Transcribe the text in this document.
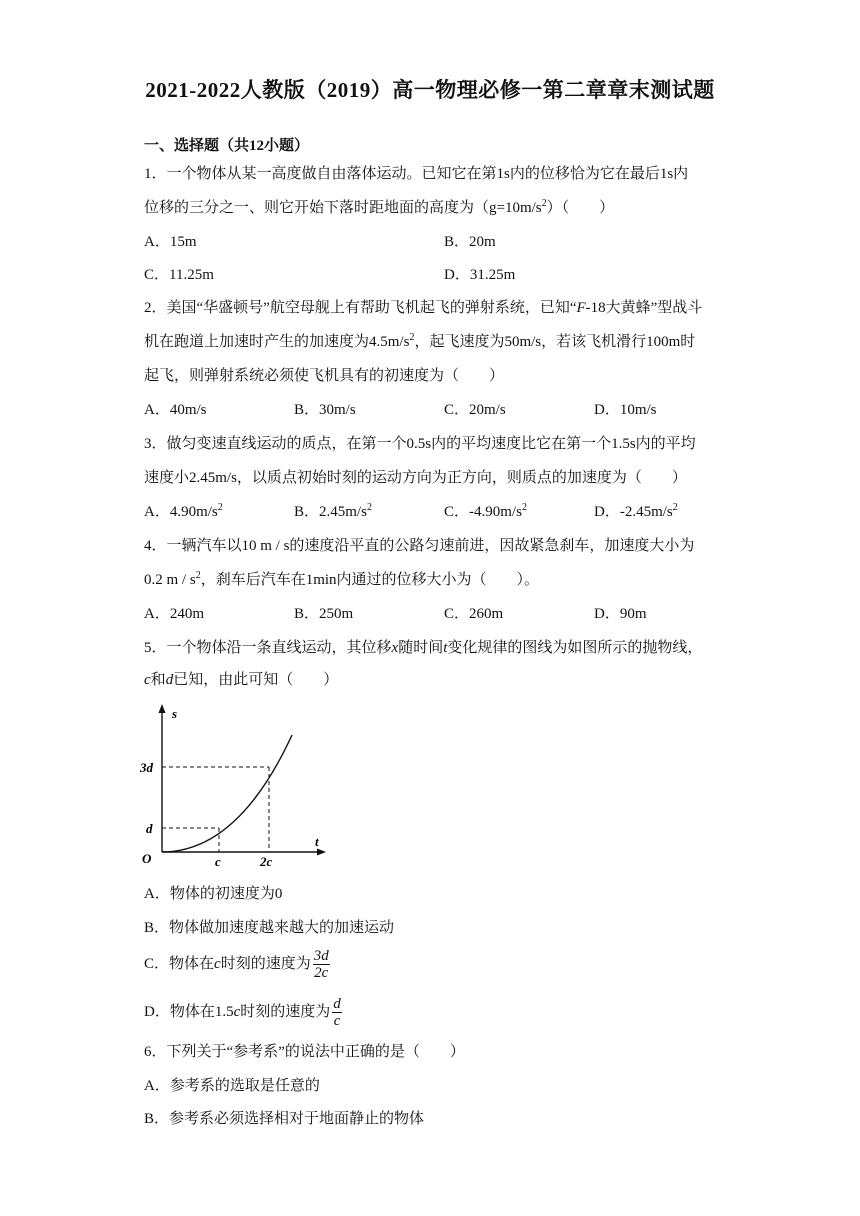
2021-2022人教版（2019）高一物理必修一第二章章末测试题
一、选择题（共12小题）
1．一个物体从某一高度做自由落体运动。已知它在第1s内的位移恰为它在最后1s内
位移的三分之一、则它开始下落时距地面的高度为$(g=10m/s^2)$（　　）
A．15m	B．20m
C．11.25m	D．31.25m
2．美国“华盛顿号”航空母舰上有帮助飞机起飞的弹射系统，已知“F-18大黄蜂”型战斗
机在跑道上加速时产生的加速度为$4.5m/s^2$，起飞速度为50m/s，若该飞机滑行100m时
起飞，则弹射系统必须使飞机具有的初速度为（　　）
A．40m/s	B．30m/s	C．20m/s	D．10m/s
3．做匀变速直线运动的质点，在第一个0.5s内的平均速度比它在第一个1.5s内的平均
速度小2.45m/s，以质点初始时刻的运动方向为正方向，则质点的加速度为（　　）
A．$4.90m/s^2$	B．$2.45m/s^2$	C．$-4.90m/s^2$	D．$-2.45m/s^2$
4．一辆汽车以10 m / s的速度沿平直的公路匀速前进，因故紧急刹车，加速度大小为
0.2 m / $s^2$，刹车后汽车在1min内通过的位移大小为（　　）。
A．240m	B．250m	C．260m	D．90m
5．一个物体沿一条直线运动，其位移x随时间t变化规律的图线为如图所示的抛物线，
c和d已知，由此可知（　　）
s
t
O
d
3d
c	2c
A．物体的初速度为0
B．物体做加速度越来越大的加速运动
C．物体在c时刻的速度为 $\frac{3d}{2c}$
D．物体在1.5c时刻的速度为 $\frac{d}{c}$
6．下列关于“参考系”的说法中正确的是（　　）
A．参考系的选取是任意的
B．参考系必须选择相对于地面静止的物体
